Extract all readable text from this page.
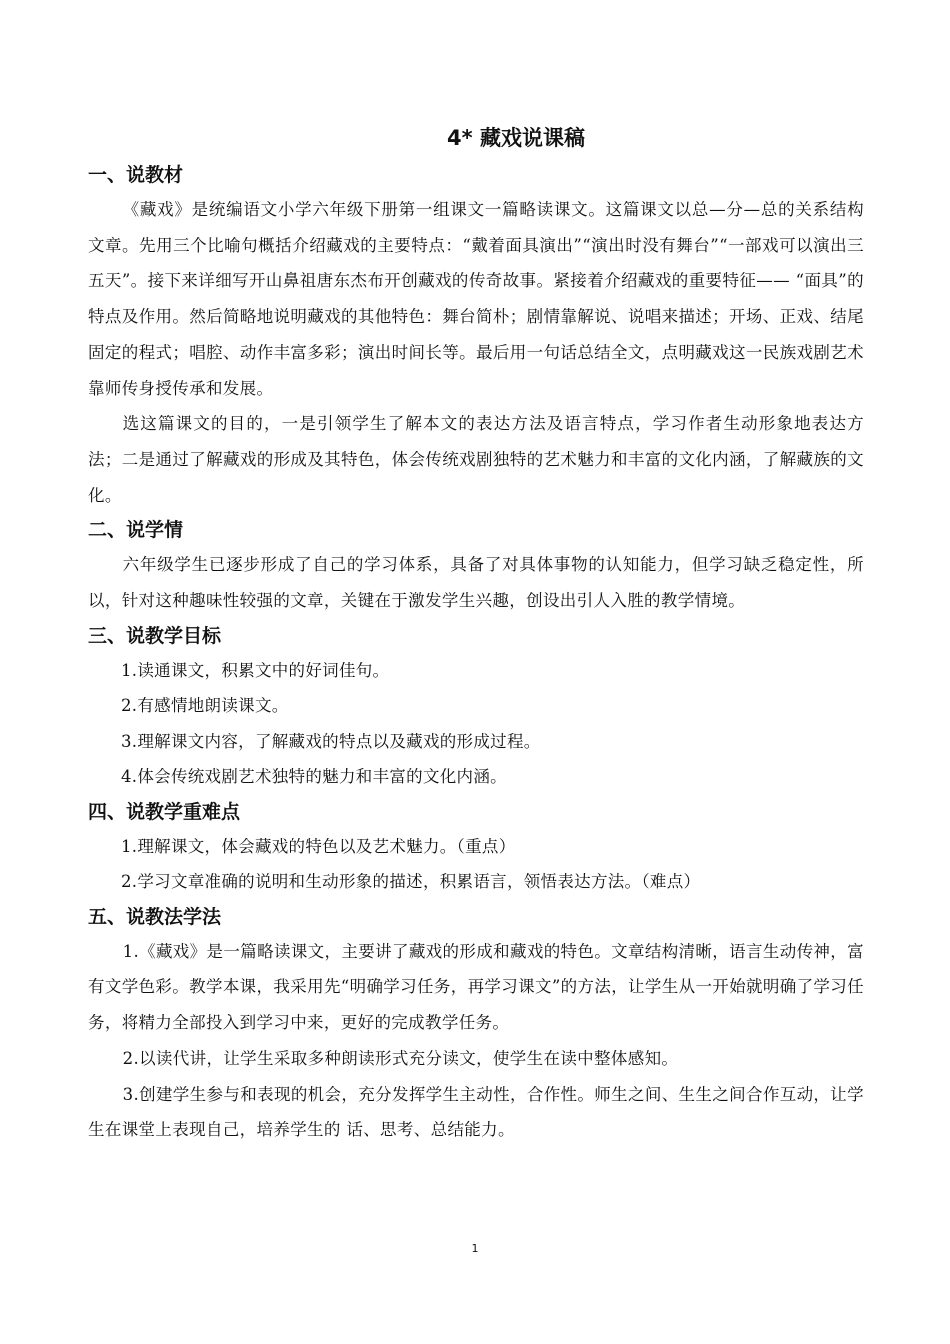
4* 藏戏说课稿
一、说教材

《藏戏》是统编语文小学六年级下册第一组课文一篇略读课文。这篇课文以总—分—总的关系结构文章。先用三个比喻句概括介绍藏戏的主要特点：“戴着面具演出”“演出时没有舞台”“一部戏可以演出三五天”。接下来详细写开山鼻祖唐东杰布开创藏戏的传奇故事。紧接着介绍藏戏的重要特征—— “面具”的特点及作用。然后简略地说明藏戏的其他特色：舞台简朴；剧情靠解说、说唱来描述；开场、正戏、结尾固定的程式；唱腔、动作丰富多彩；演出时间长等。最后用一句话总结全文，点明藏戏这一民族戏剧艺术靠师传身授传承和发展。

选这篇课文的目的，一是引领学生了解本文的表达方法及语言特点，学习作者生动形象地表达方法；二是通过了解藏戏的形成及其特色，体会传统戏剧独特的艺术魅力和丰富的文化内涵，了解藏族的文化。

二、说学情

六年级学生已逐步形成了自己的学习体系，具备了对具体事物的认知能力，但学习缺乏稳定性，所以，针对这种趣味性较强的文章，关键在于激发学生兴趣，创设出引人入胜的教学情境。

三、说教学目标

1.读通课文，积累文中的好词佳句。

2.有感情地朗读课文。

3.理解课文内容，了解藏戏的特点以及藏戏的形成过程。

4.体会传统戏剧艺术独特的魅力和丰富的文化内涵。

四、说教学重难点

1.理解课文，体会藏戏的特色以及艺术魅力。（重点）

2.学习文章准确的说明和生动形象的描述，积累语言，领悟表达方法。（难点）

五、说教法学法

1.《藏戏》是一篇略读课文，主要讲了藏戏的形成和藏戏的特色。文章结构清晰，语言生动传神，富有文学色彩。教学本课，我采用先“明确学习任务，再学习课文”的方法，让学生从一开始就明确了学习任务，将精力全部投入到学习中来，更好的完成教学任务。

2.以读代讲，让学生采取多种朗读形式充分读文，使学生在读中整体感知。

3.创建学生参与和表现的机会，充分发挥学生主动性，合作性。师生之间、生生之间合作互动，让学生在课堂上表现自己，培养学生的 话、思考、总结能力。

1
